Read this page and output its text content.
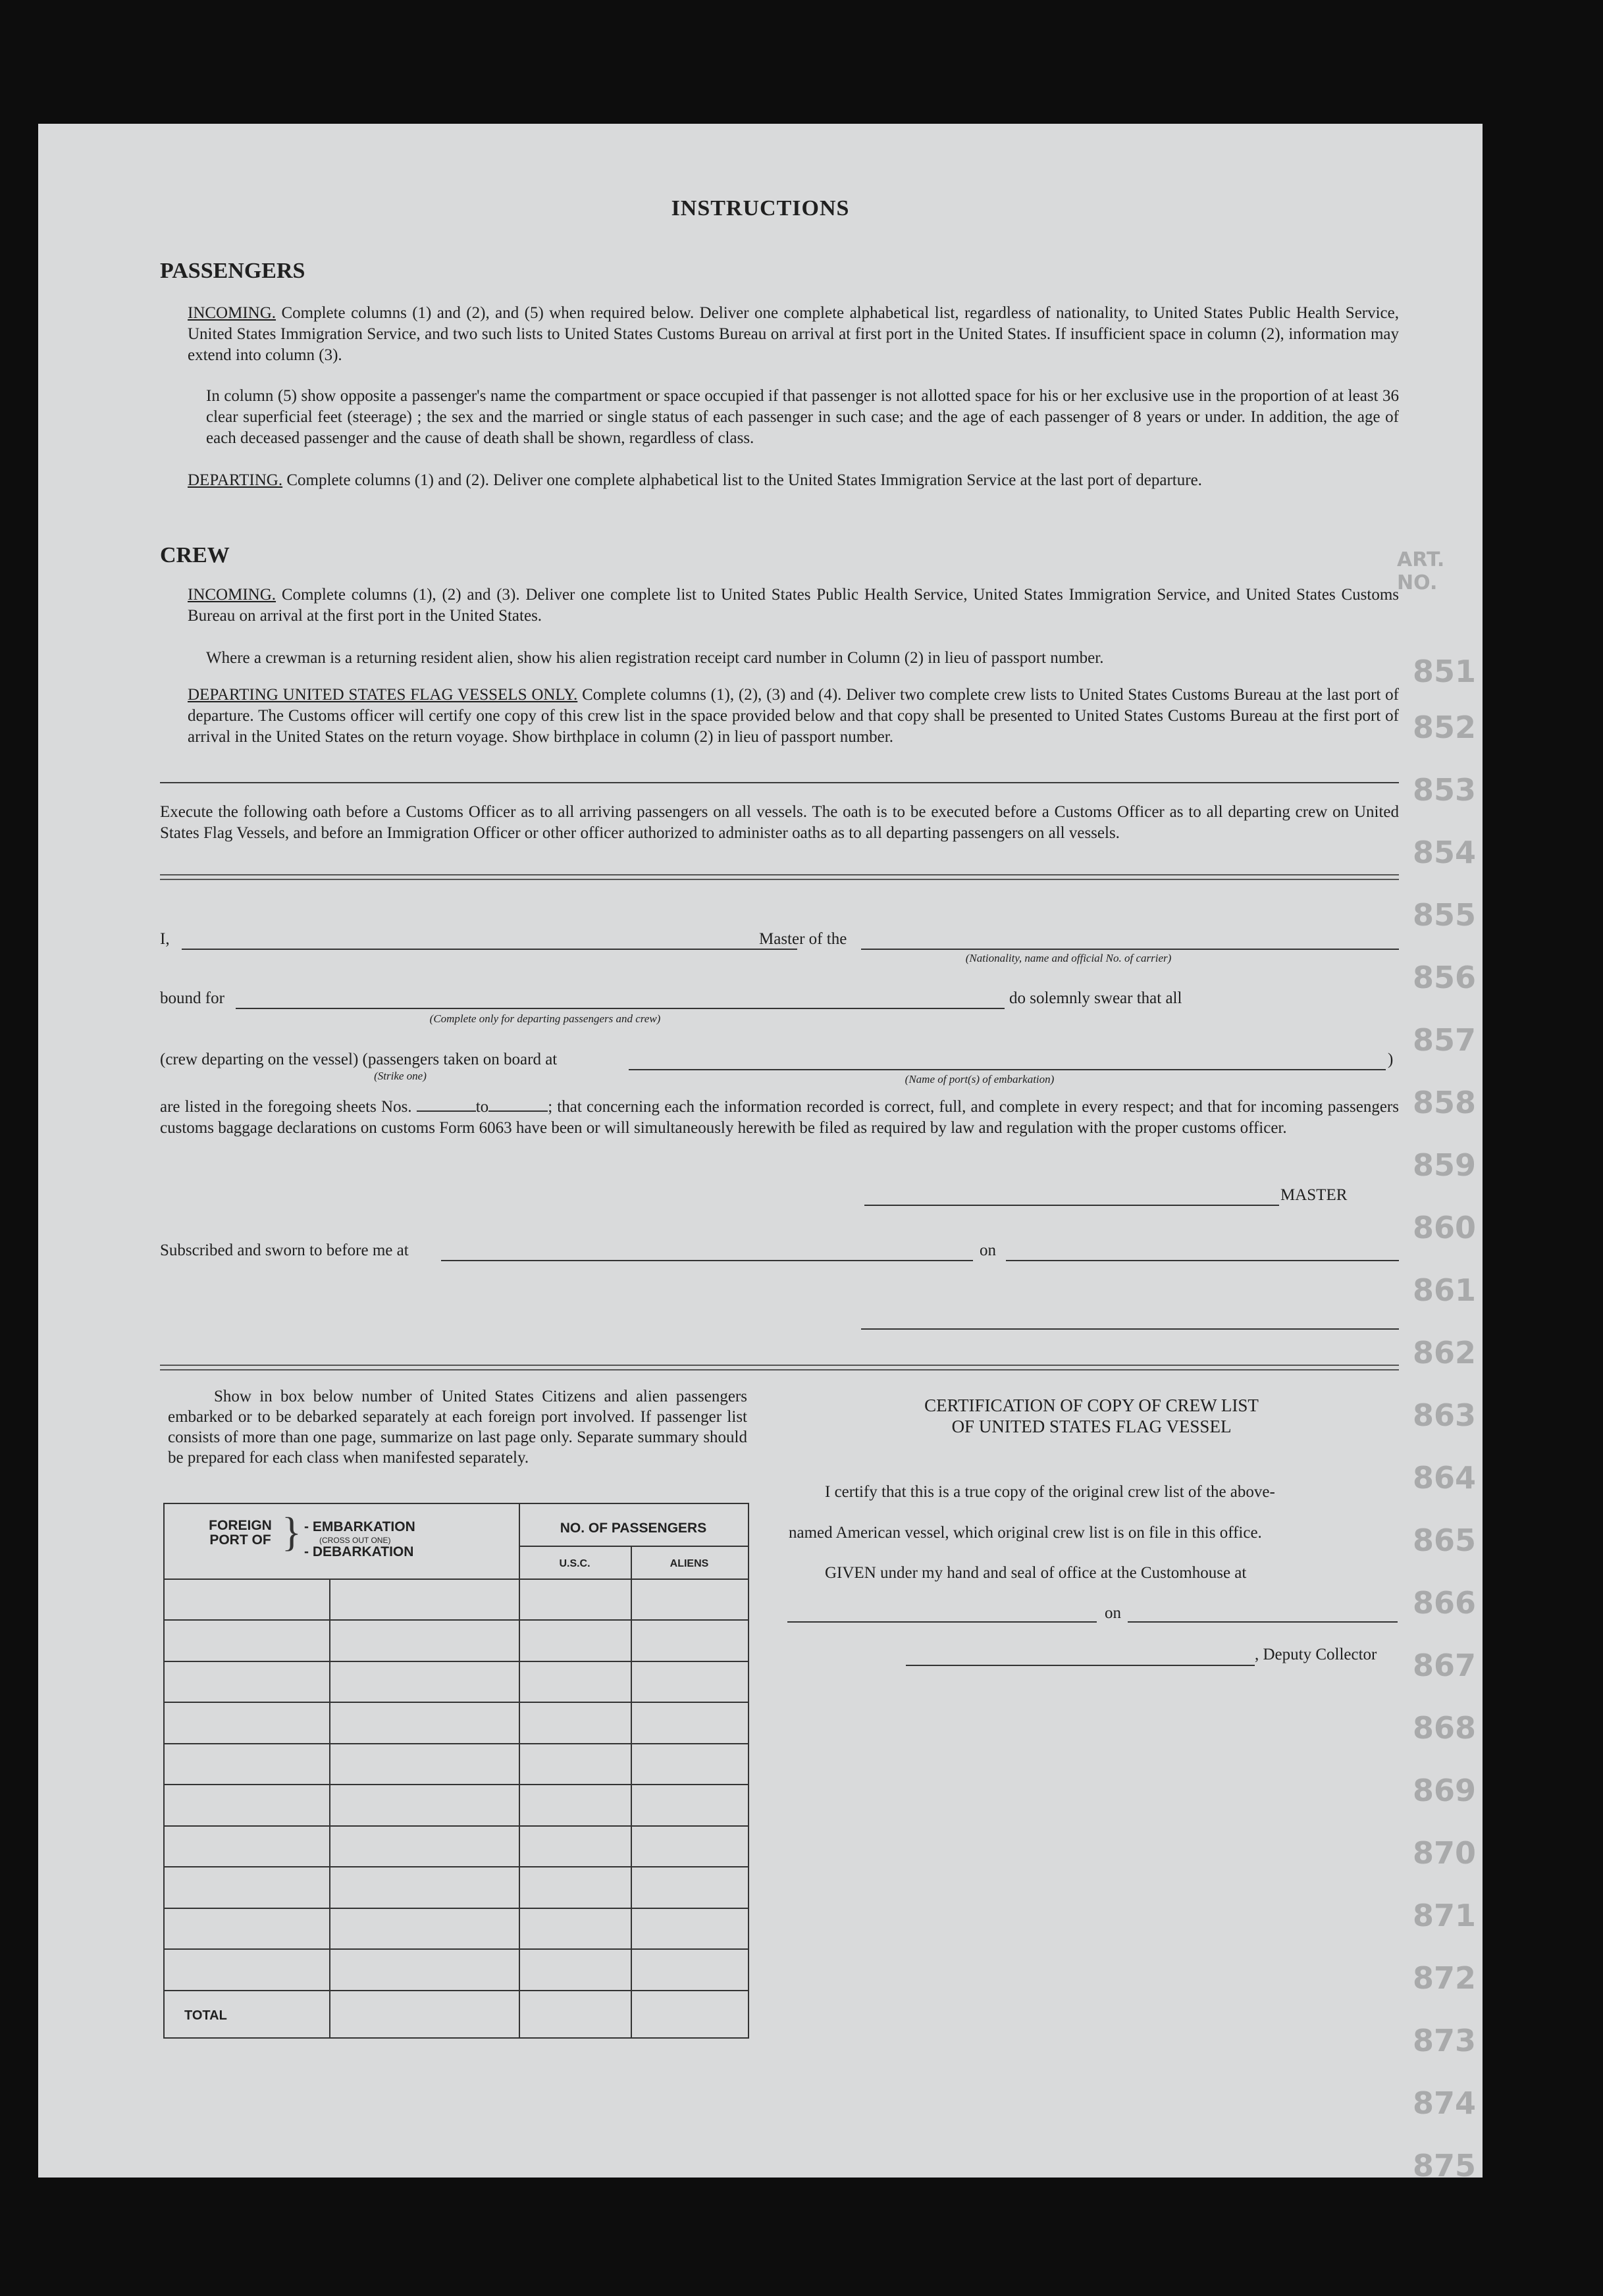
ART. NO.
851
852
853
854
855
856
857
858
859
860
861
862
863
864
865
866
867
868
869
870
871
872
873
874
875
INSTRUCTIONS
PASSENGERS
INCOMING. Complete columns (1) and (2), and (5) when required below. Deliver one complete alphabetical list, regardless of nationality, to United States Public Health Service, United States Immigration Service, and two such lists to United States Customs Bureau on arrival at first port in the United States. If insufficient space in column (2), information may extend into column (3).
In column (5) show opposite a passenger's name the compartment or space occupied if that passenger is not allotted space for his or her exclusive use in the proportion of at least 36 clear superficial feet (steerage) ; the sex and the married or single status of each passenger in such case; and the age of each passenger of 8 years or under. In addition, the age of each deceased passenger and the cause of death shall be shown, regardless of class.
DEPARTING. Complete columns (1) and (2). Deliver one complete alphabetical list to the United States Immigration Service at the last port of departure.
CREW
INCOMING. Complete columns (1), (2) and (3). Deliver one complete list to United States Public Health Service, United States Immigration Service, and United States Customs Bureau on arrival at the first port in the United States.
Where a crewman is a returning resident alien, show his alien registration receipt card number in Column (2) in lieu of passport number.
DEPARTING UNITED STATES FLAG VESSELS ONLY. Complete columns (1), (2), (3) and (4). Deliver two complete crew lists to United States Customs Bureau at the last port of departure. The Customs officer will certify one copy of this crew list in the space provided below and that copy shall be presented to United States Customs Bureau at the first port of arrival in the United States on the return voyage. Show birthplace in column (2) in lieu of passport number.
Execute the following oath before a Customs Officer as to all arriving passengers on all vessels. The oath is to be executed before a Customs Officer as to all departing crew on United States Flag Vessels, and before an Immigration Officer or other officer authorized to administer oaths as to all departing passengers on all vessels.
I,	Master of the
(Nationality, name and official No. of carrier)
bound for
(Complete only for departing passengers and crew)
do solemnly swear that all
(crew departing on the vessel) (passengers taken on board at
(Strike one)	(Name of port(s) of embarkation)
)
are listed in the foregoing sheets Nos.	to	; that concerning each the information recorded is correct, full, and complete in every respect; and that for incoming passengers customs baggage declarations on customs Form 6063 have been or will simultaneously herewith be filed as required by law and regulation with the proper customs officer.
MASTER
Subscribed and sworn to before me at	on
Show in box below number of United States Citizens and alien passengers embarked or to be debarked separately at each foreign port involved. If passenger list consists of more than one page, summarize on last page only. Separate summary should be prepared for each class when manifested separately.
FOREIGN PORT OF } - EMBARKATION
(CROSS OUT ONE)
- DEBARKATION
NO. OF PASSENGERS
U.S.C.	ALIENS
TOTAL
CERTIFICATION OF COPY OF CREW LIST
OF UNITED STATES FLAG VESSEL
I certify that this is a true copy of the original crew list of the above-
named American vessel, which original crew list is on file in this office.
GIVEN under my hand and seal of office at the Customhouse at
on
, Deputy Collector
